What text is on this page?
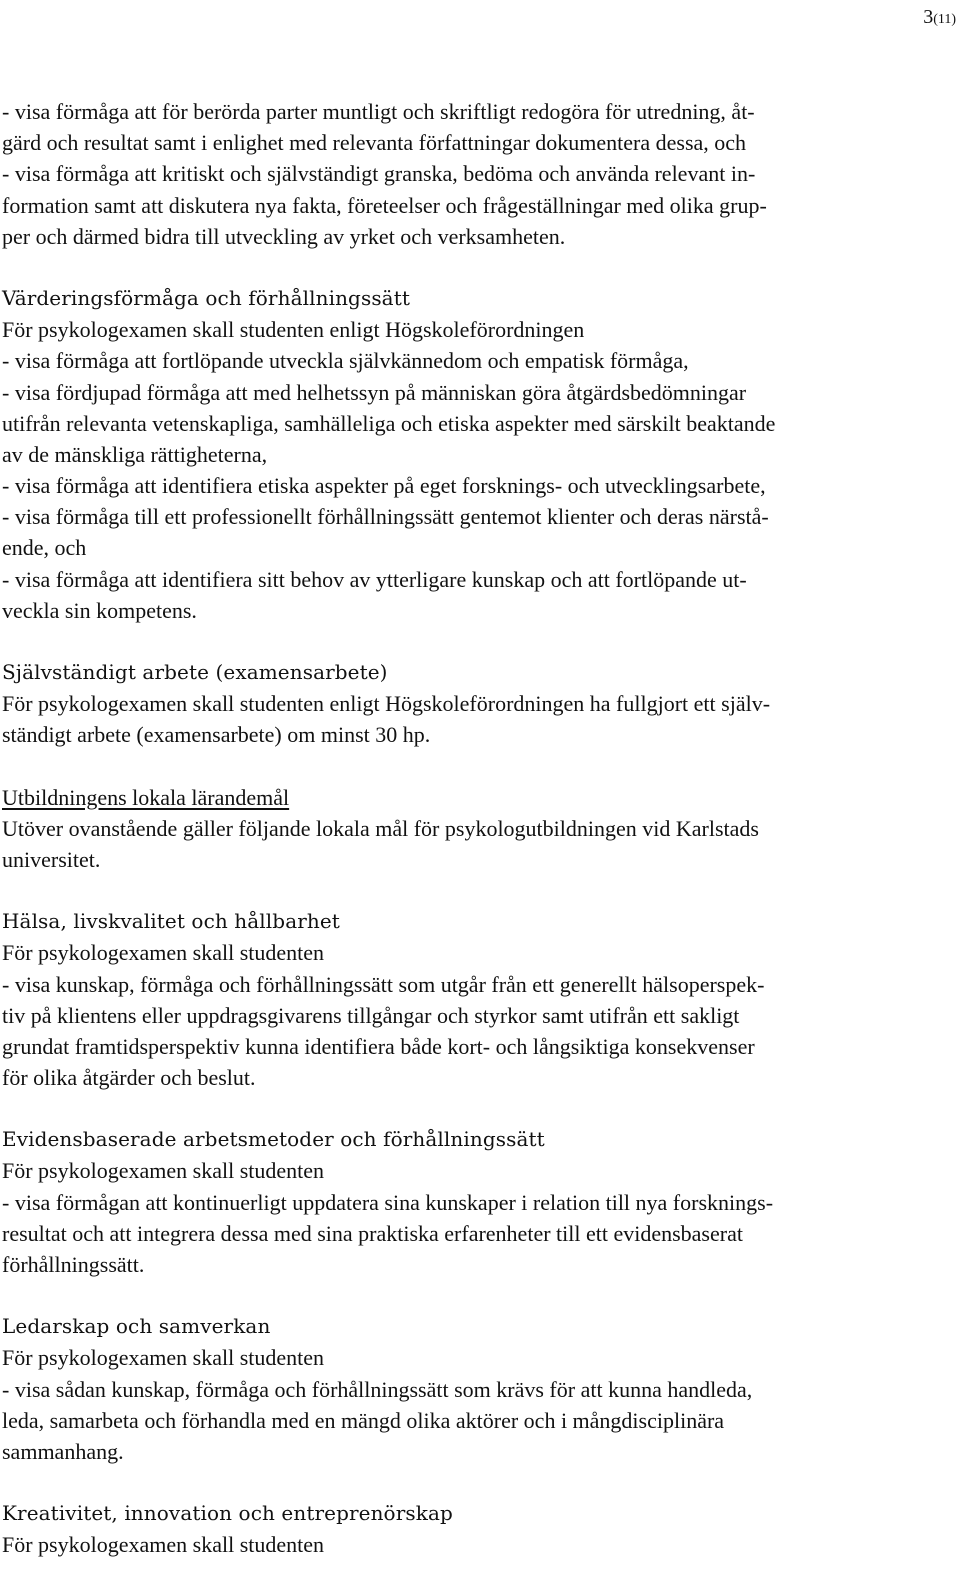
3(11)
- visa förmåga att för berörda parter muntligt och skriftligt redogöra för utredning, åt-
gärd och resultat samt i enlighet med relevanta författningar dokumentera dessa, och
- visa förmåga att kritiskt och självständigt granska, bedöma och använda relevant in-
formation samt att diskutera nya fakta, företeelser och frågeställningar med olika grup-
per och därmed bidra till utveckling av yrket och verksamheten.
Värderingsförmåga och förhållningssätt
För psykologexamen skall studenten enligt Högskoleförordningen
- visa förmåga att fortlöpande utveckla självkännedom och empatisk förmåga,
- visa fördjupad förmåga att med helhetssyn på människan göra åtgärdsbedömningar
utifrån relevanta vetenskapliga, samhälleliga och etiska aspekter med särskilt beaktande
av de mänskliga rättigheterna,
- visa förmåga att identifiera etiska aspekter på eget forsknings- och utvecklingsarbete,
- visa förmåga till ett professionellt förhållningssätt gentemot klienter och deras närstå-
ende, och
- visa förmåga att identifiera sitt behov av ytterligare kunskap och att fortlöpande ut-
veckla sin kompetens.
Självständigt arbete (examensarbete)
För psykologexamen skall studenten enligt Högskoleförordningen ha fullgjort ett själv-
ständigt arbete (examensarbete) om minst 30 hp.
Utbildningens lokala lärandemål
Utöver ovanstående gäller följande lokala mål för psykologutbildningen vid Karlstads
universitet.
Hälsa, livskvalitet och hållbarhet
För psykologexamen skall studenten
- visa kunskap, förmåga och förhållningssätt som utgår från ett generellt hälsoperspek-
tiv på klientens eller uppdragsgivarens tillgångar och styrkor samt utifrån ett sakligt
grundat framtidsperspektiv kunna identifiera både kort- och långsiktiga konsekvenser
för olika åtgärder och beslut.
Evidensbaserade arbetsmetoder och förhållningssätt
För psykologexamen skall studenten
- visa förmågan att kontinuerligt uppdatera sina kunskaper i relation till nya forsknings-
resultat och att integrera dessa med sina praktiska erfarenheter till ett evidensbaserat
förhållningssätt.
Ledarskap och samverkan
För psykologexamen skall studenten
- visa sådan kunskap, förmåga och förhållningssätt som krävs för att kunna handleda,
leda, samarbeta och förhandla med en mängd olika aktörer och i mångdisciplinära
sammanhang.
Kreativitet, innovation och entreprenörskap
För psykologexamen skall studenten
